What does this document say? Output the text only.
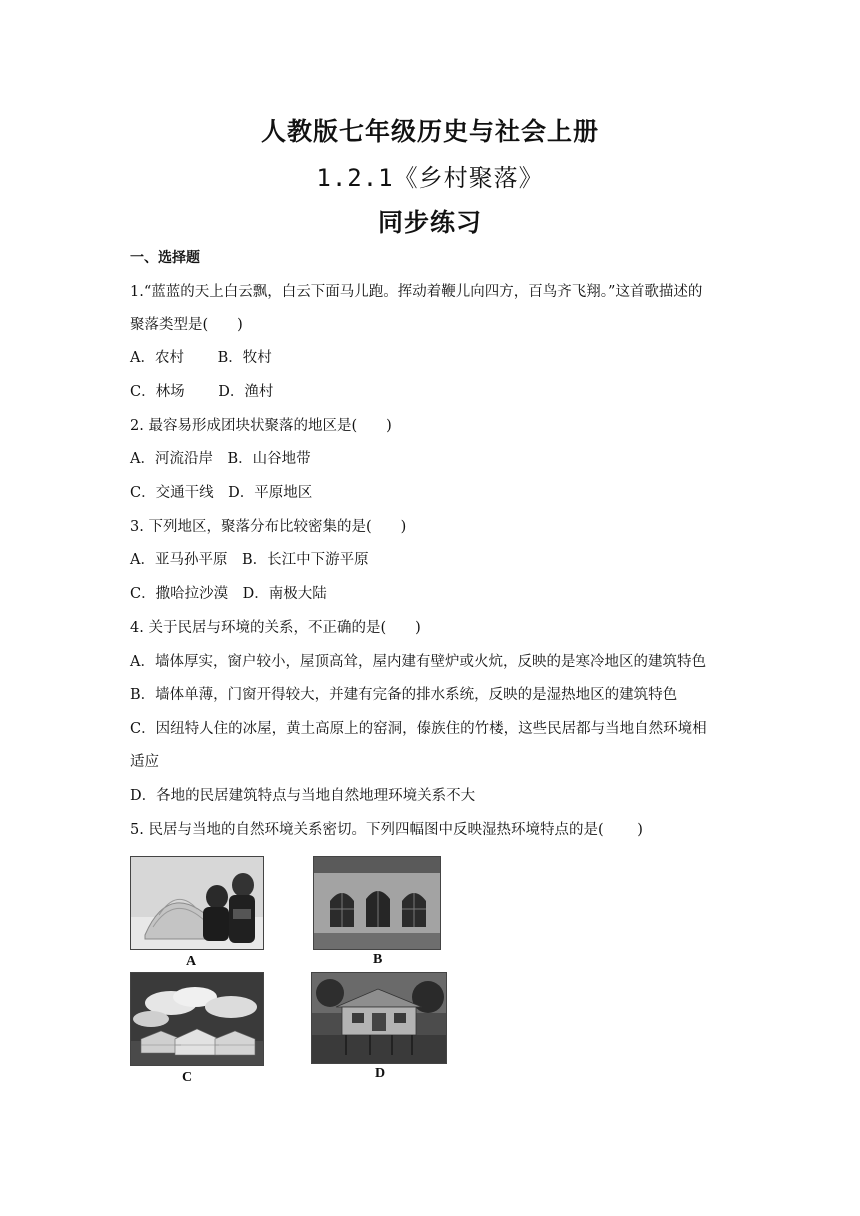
人教版七年级历史与社会上册
1.2.1《乡村聚落》
同步练习
一、选择题
1.“蓝蓝的天上白云飘，白云下面马儿跑。挥动着鞭儿向四方，百鸟齐飞翔。”这首歌描述的
聚落类型是(　　)
A．农村　　 B．牧村
C．林场　　 D．渔村
2. 最容易形成团块状聚落的地区是(　　)
A．河流沿岸　B．山谷地带
C．交通干线　D．平原地区
3. 下列地区，聚落分布比较密集的是(　　)
A．亚马孙平原　B．长江中下游平原
C．撒哈拉沙漠　D．南极大陆
4. 关于民居与环境的关系，不正确的是(　　)
A．墙体厚实，窗户较小，屋顶高耸，屋内建有壁炉或火炕，反映的是寒冷地区的建筑特色
B．墙体单薄，门窗开得较大，并建有完备的排水系统，反映的是湿热地区的建筑特色
C．因纽特人住的冰屋，黄土高原上的窑洞，傣族住的竹楼，这些民居都与当地自然环境相
适应
D．各地的民居建筑特点与当地自然地理环境关系不大
5. 民居与当地的自然环境关系密切。下列四幅图中反映湿热环境特点的是(　　 )
A	B
C	D
